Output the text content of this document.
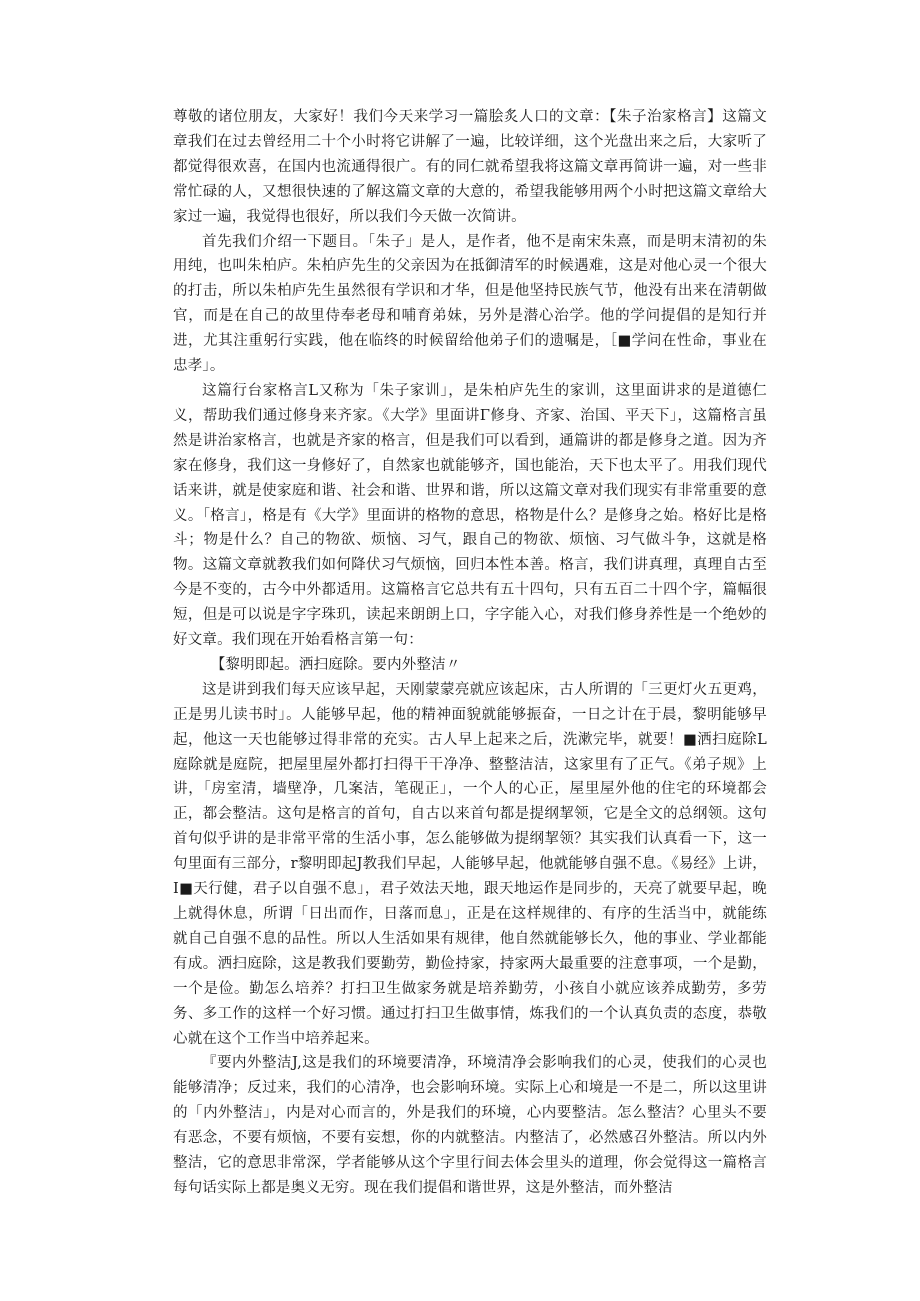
尊敬的诸位朋友，大家好！我们今天来学习一篇脍炙人口的文章：【朱子治家格言】这篇文章我们在过去曾经用二十个小时将它讲解了一遍，比较详细，这个光盘出来之后，大家听了都觉得很欢喜，在国内也流通得很广。有的同仁就希望我将这篇文章再简讲一遍，对一些非常忙碌的人，又想很快速的了解这篇文章的大意的，希望我能够用两个小时把这篇文章给大家过一遍，我觉得也很好，所以我们今天做一次简讲。

首先我们介绍一下题目。「朱子」是人，是作者，他不是南宋朱熹，而是明末清初的朱用纯，也叫朱柏庐。朱柏庐先生的父亲因为在抵御清军的时候遇难，这是对他心灵一个很大的打击，所以朱柏庐先生虽然很有学识和才华，但是他坚持民族气节，他没有出来在清朝做官，而是在自己的故里侍奉老母和哺育弟妹，另外是潜心治学。他的学问提倡的是知行并进，尤其注重躬行实践，他在临终的时候留给他弟子们的遗嘱是，［■学问在性命，事业在忠孝」。

这篇行台家格言L又称为「朱子家训」，是朱柏庐先生的家训，这里面讲求的是道德仁义，帮助我们通过修身来齐家。《大学》里面讲Γ修身、齐家、治国、平天下」，这篇格言虽然是讲治家格言，也就是齐家的格言，但是我们可以看到，通篇讲的都是修身之道。因为齐家在修身，我们这一身修好了，自然家也就能够齐，国也能治，天下也太平了。用我们现代话来讲，就是使家庭和谐、社会和谐、世界和谐，所以这篇文章对我们现实有非常重要的意义。「格言」，格是有《大学》里面讲的格物的意思，格物是什么？是修身之始。格好比是格斗；物是什么？自己的物欲、烦恼、习气，跟自己的物欲、烦恼、习气做斗争，这就是格物。这篇文章就教我们如何降伏习气烦恼，回归本性本善。格言，我们讲真理，真理自古至今是不变的，古今中外都适用。这篇格言它总共有五十四句，只有五百二十四个字，篇幅很短，但是可以说是字字珠玑，读起来朗朗上口，字字能入心，对我们修身养性是一个绝妙的好文章。我们现在开始看格言第一句：

【黎明即起。洒扫庭除。要内外整洁〃

这是讲到我们每天应该早起，天刚蒙蒙亮就应该起床，古人所谓的「三更灯火五更鸡，正是男儿读书时」。人能够早起，他的精神面貌就能够振奋，一日之计在于晨，黎明能够早起，他这一天也能够过得非常的充实。古人早上起来之后，洗漱完毕，就要！■洒扫庭除L庭除就是庭院，把屋里屋外都打扫得干干净净、整整洁洁，这家里有了正气。《弟子规》上讲，「房室清，墙壁净，几案洁，笔砚正」，一个人的心正，屋里屋外他的住宅的环境都会正，都会整洁。这句是格言的首句，自古以来首句都是提纲挈领，它是全文的总纲领。这句首句似乎讲的是非常平常的生活小事，怎么能够做为提纲挈领？其实我们认真看一下，这一句里面有三部分，r黎明即起J教我们早起，人能够早起，他就能够自强不息。《易经》上讲，I■天行健，君子以自强不息」，君子效法天地，跟天地运作是同步的，天亮了就要早起，晚上就得休息，所谓「日出而作，日落而息」，正是在这样规律的、有序的生活当中，就能练就自己自强不息的品性。所以人生活如果有规律，他自然就能够长久，他的事业、学业都能有成。洒扫庭除，这是教我们要勤劳，勤俭持家，持家两大最重要的注意事项，一个是勤，一个是俭。勤怎么培养？打扫卫生做家务就是培养勤劳，小孩自小就应该养成勤劳，多劳务、多工作的这样一个好习惯。通过打扫卫生做事情，炼我们的一个认真负责的态度，恭敬心就在这个工作当中培养起来。

『要内外整洁J,这是我们的环境要清净，环境清净会影响我们的心灵，使我们的心灵也能够清净；反过来，我们的心清净，也会影响环境。实际上心和境是一不是二，所以这里讲的「内外整洁」，内是对心而言的，外是我们的环境，心内要整洁。怎么整洁？心里头不要有恶念，不要有烦恼，不要有妄想，你的内就整洁。内整洁了，必然感召外整洁。所以内外整洁，它的意思非常深，学者能够从这个字里行间去体会里头的道理，你会觉得这一篇格言每句话实际上都是奥义无穷。现在我们提倡和谐世界，这是外整洁，而外整洁
